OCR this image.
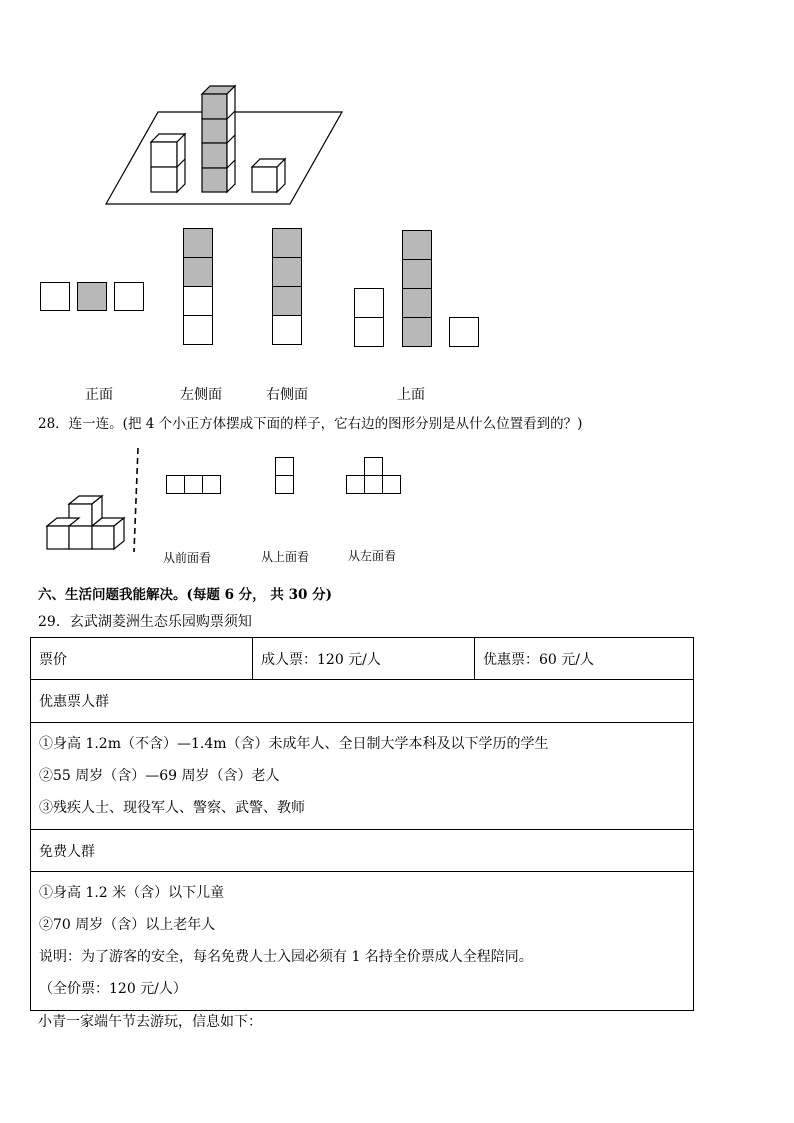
正面	左侧面	右侧面	上面
28．连一连。(把 4 个小正方体摆成下面的样子，它右边的图形分别是从什么位置看到的？)
从前面看	从上面看	从左面看
六、生活问题我能解决。(每题 6 分， 共 30 分)
29．玄武湖菱洲生态乐园购票须知
票价	成人票：120 元/人	优惠票：60 元/人
优惠票人群

①身高 1.2m（不含）—1.4m（含）未成年人、全日制大学本科及以下学历的学生
②55 周岁（含）—69 周岁（含）老人
③残疾人士、现役军人、警察、武警、教师

免费人群

①身高 1.2 米（含）以下儿童
②70 周岁（含）以上老年人
说明：为了游客的安全，每名免费人士入园必须有 1 名持全价票成人全程陪同。
（全价票：120 元/人）
小青一家端午节去游玩，信息如下：
